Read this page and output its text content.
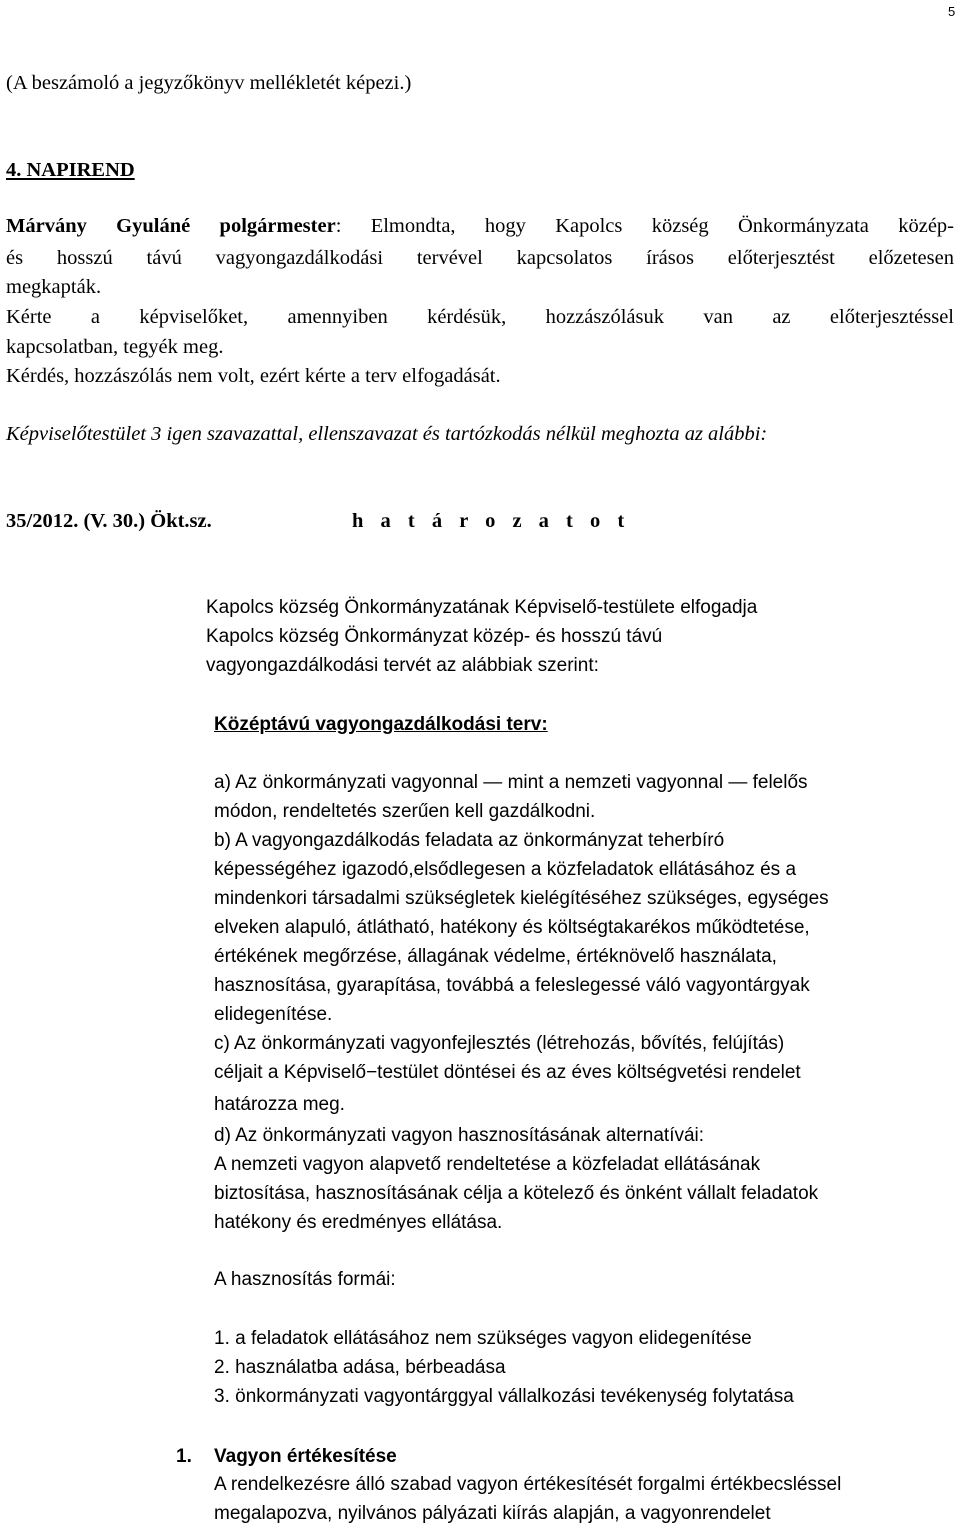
5
(A beszámoló a jegyzőkönyv mellékletét képezi.)
4. NAPIREND
Márvány Gyuláné polgármester: Elmondta, hogy Kapolcs község Önkormányzata közép-
és hosszú távú vagyongazdálkodási tervével kapcsolatos írásos előterjesztést előzetesen
megkapták.
Kérte a képviselőket, amennyiben kérdésük, hozzászólásuk van az előterjesztéssel
kapcsolatban, tegyék meg.
Kérdés, hozzászólás nem volt, ezért kérte a terv elfogadását.
Képviselőtestület 3 igen szavazattal, ellenszavazat és tartózkodás nélkül meghozta az alábbi:
35/2012. (V. 30.) Ökt.sz.	h a t á r o z a t o t
Kapolcs község Önkormányzatának Képviselő-testülete elfogadja
Kapolcs község Önkormányzat közép- és hosszú távú
vagyongazdálkodási tervét az alábbiak szerint:
Középtávú vagyongazdálkodási terv:
a) Az önkormányzati vagyonnal — mint a nemzeti vagyonnal — felelős
módon, rendeltetés szerűen kell gazdálkodni.
b) A vagyongazdálkodás feladata az önkormányzat teherbíró
képességéhez igazodó,elsődlegesen a közfeladatok ellátásához és a
mindenkori társadalmi szükségletek kielégítéséhez szükséges, egységes
elveken alapuló, átlátható, hatékony és költségtakarékos működtetése,
értékének megőrzése, állagának védelme, értéknövelő használata,
hasznosítása, gyarapítása, továbbá a feleslegessé váló vagyontárgyak
elidegenítése.
c) Az önkormányzati vagyonfejlesztés (létrehozás, bővítés, felújítás)
céljait a Képviselő−testület döntései és az éves költségvetési rendelet
határozza meg.
d) Az önkormányzati vagyon hasznosításának alternatívái:
A nemzeti vagyon alapvető rendeltetése a közfeladat ellátásának
biztosítása, hasznosításának célja a kötelező és önként vállalt feladatok
hatékony és eredményes ellátása.
A hasznosítás formái:
1. a feladatok ellátásához nem szükséges vagyon elidegenítése
2. használatba adása, bérbeadása
3. önkormányzati vagyontárggyal vállalkozási tevékenység folytatása
1. Vagyon értékesítése
A rendelkezésre álló szabad vagyon értékesítését forgalmi értékbecsléssel
megalapozva, nyilvános pályázati kiírás alapján, a vagyonrendelet
